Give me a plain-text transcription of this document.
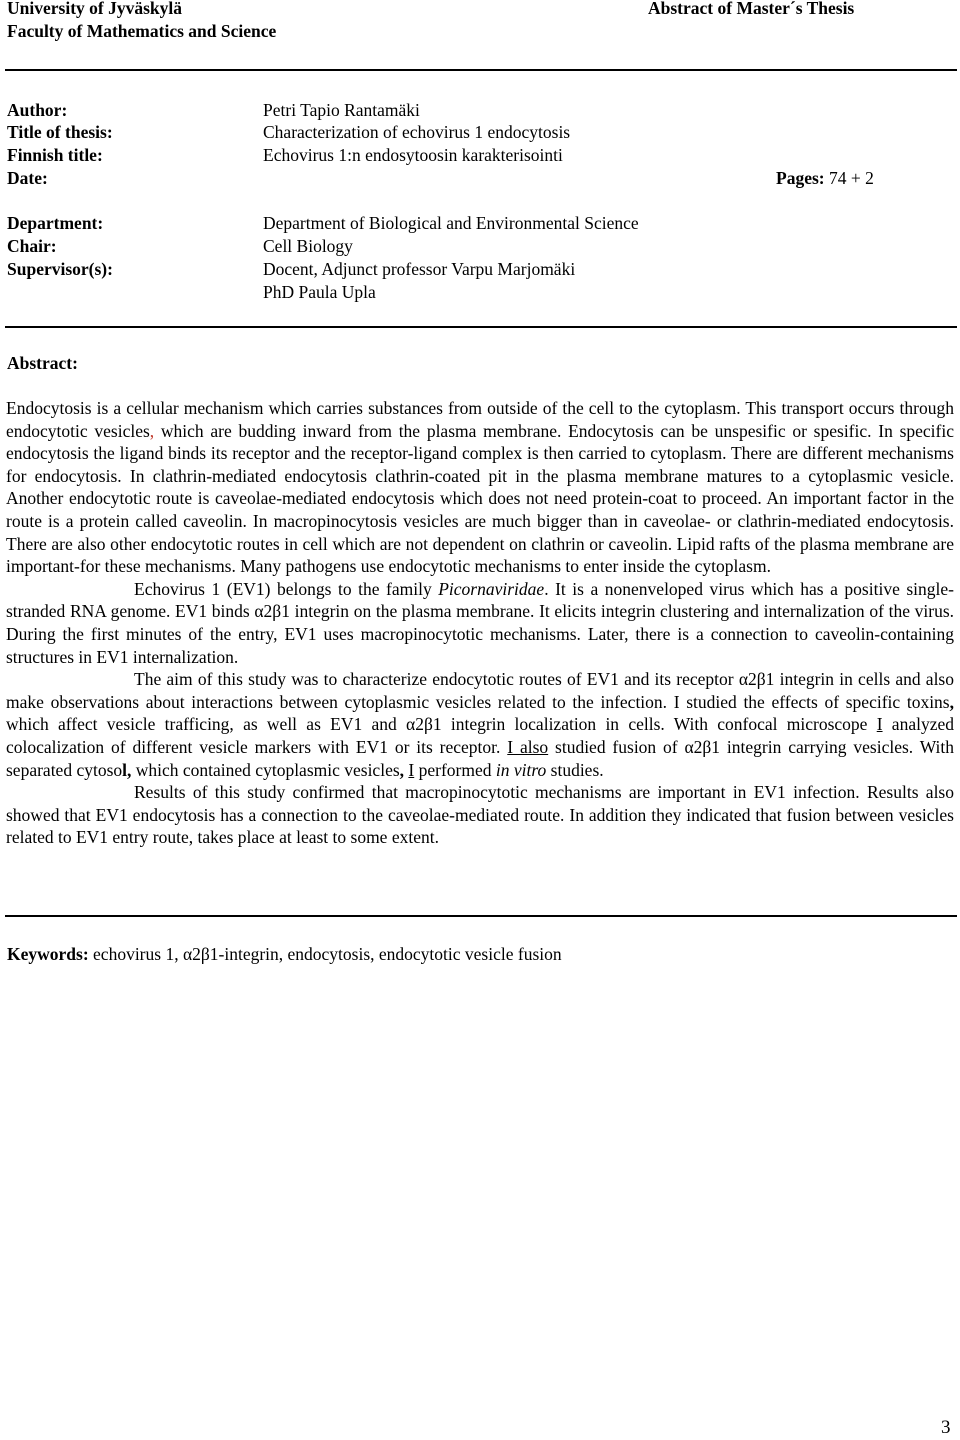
University of Jyväskylä
Faculty of Mathematics and Science
Abstract of Master´s Thesis
Author:	Petri Tapio Rantamäki
Title of thesis:	Characterization of echovirus 1 endocytosis
Finnish title:	Echovirus 1:n endosytoosin karakterisointi
Date:	Pages: 74 + 2
Department:	Department of Biological and Environmental Science
Chair:	Cell Biology
Supervisor(s):	Docent, Adjunct professor Varpu Marjomäki
PhD Paula Upla
Abstract:

Endocytosis is a cellular mechanism which carries substances from outside of the cell to the cytoplasm. This transport occurs through endocytotic vesicles, which are budding inward from the plasma membrane. Endocytosis can be unspesific or spesific. In specific endocytosis the ligand binds its receptor and the receptor-ligand complex is then carried to cytoplasm. There are different mechanisms for endocytosis. In clathrin-mediated endocytosis clathrin-coated pit in the plasma membrane matures to a cytoplasmic vesicle. Another endocytotic route is caveolae-mediated endocytosis which does not need protein-coat to proceed. An important factor in the route is a protein called caveolin. In macropinocytosis vesicles are much bigger than in caveolae- or clathrin-mediated endocytosis. There are also other endocytotic routes in cell which are not dependent on clathrin or caveolin. Lipid rafts of the plasma membrane are important-for these mechanisms. Many pathogens use endocytotic mechanisms to enter inside the cytoplasm.

Echovirus 1 (EV1) belongs to the family Picornaviridae. It is a nonenveloped virus which has a positive single-stranded RNA genome. EV1 binds α2β1 integrin on the plasma membrane. It elicits integrin clustering and internalization of the virus. During the first minutes of the entry, EV1 uses macropinocytotic mechanisms. Later, there is a connection to caveolin-containing structures in EV1 internalization.

The aim of this study was to characterize endocytotic routes of EV1 and its receptor α2β1 integrin in cells and also make observations about interactions between cytoplasmic vesicles related to the infection. I studied the effects of specific toxins, which affect vesicle trafficing, as well as EV1 and α2β1 integrin localization in cells. With confocal microscope I analyzed colocalization of different vesicle markers with EV1 or its receptor. I also studied fusion of α2β1 integrin carrying vesicles. With separated cytosol, which contained cytoplasmic vesicles, I performed in vitro studies.

Results of this study confirmed that macropinocytotic mechanisms are important in EV1 infection. Results also showed that EV1 endocytosis has a connection to the caveolae-mediated route. In addition they indicated that fusion between vesicles related to EV1 entry route, takes place at least to some extent.

Keywords: echovirus 1, α2β1-integrin, endocytosis, endocytotic vesicle fusion
3
